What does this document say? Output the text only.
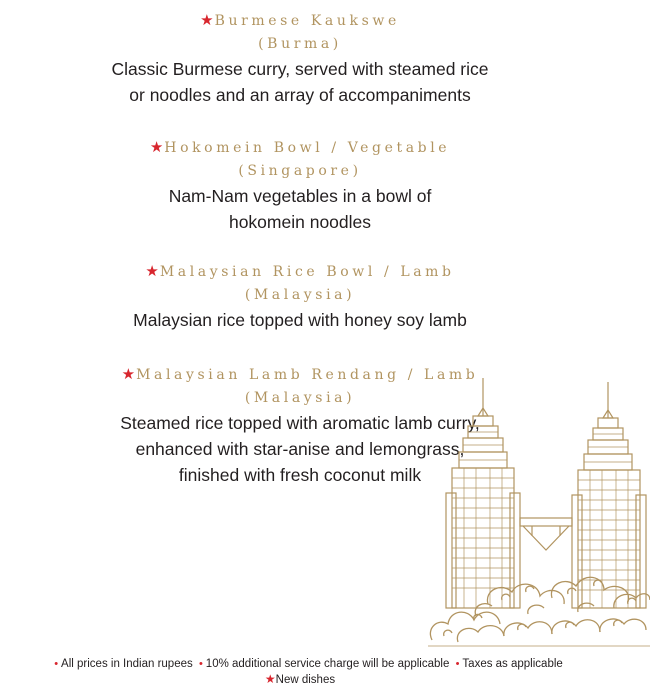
★Burmese Kaukswe
(Burma)
Classic Burmese curry, served with steamed rice
or noodles and an array of accompaniments
★Hokomein Bowl / Vegetable
(Singapore)
Nam-Nam vegetables in a bowl of
hokomein noodles
★Malaysian Rice Bowl / Lamb
(Malaysia)
Malaysian rice topped with honey soy lamb
★Malaysian Lamb Rendang / Lamb
(Malaysia)
Steamed rice topped with aromatic lamb curry,
enhanced with star-anise and lemongrass,
finished with fresh coconut milk
• All prices in Indian rupees • 10% additional service charge will be applicable • Taxes as applicable
★New dishes
